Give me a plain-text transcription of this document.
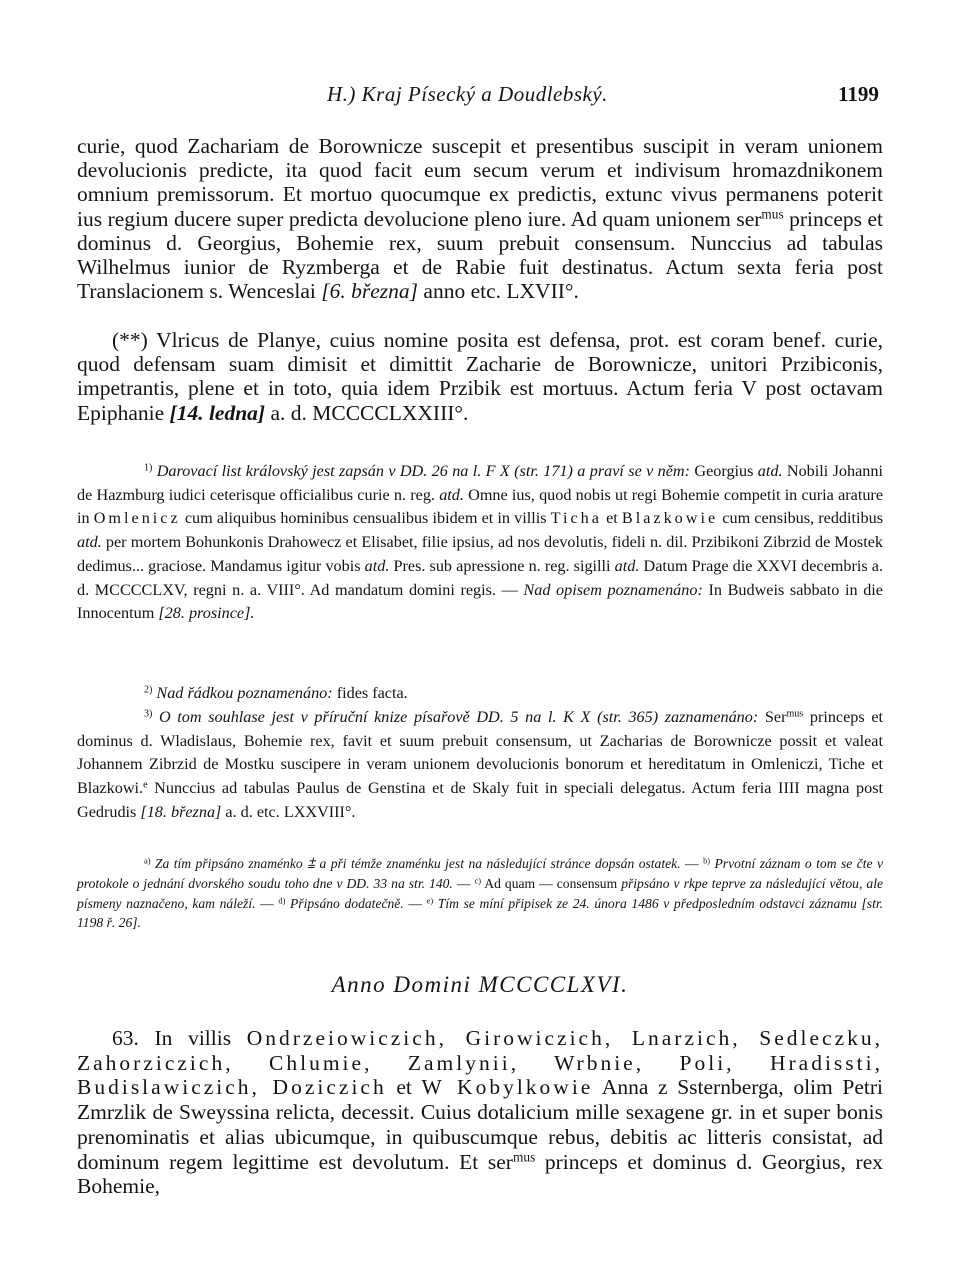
H.) Kraj Písecký a Doudlebský.	1199

curie, quod Zachariam de Borownicze suscepit et presentibus suscipit in veram unionem devolucionis predicte, ita quod facit eum secum verum et indivisum hromazdnikonem omnium premissorum. Et mortuo quocumque ex predictis, extunc vivus permanens poterit ius regium ducere super predicta devolucione pleno iure. Ad quam unionem ser$^{mus}$ princeps et dominus d. Georgius, Bohemie rex, suum prebuit consensum. Nunccius ad tabulas Wilhelmus iunior de Ryzmberga et de Rabie fuit destinatus. Actum sexta feria post Translacionem s. Wenceslai [6. března] anno etc. LXVII°.

(**) Vlricus de Planye, cuius nomine posita est defensa, prot. est coram benef. curie, quod defensam suam dimisit et dimittit Zacharie de Borownicze, unitori Przibiconis, impetrantis, plene et in toto, quia idem Przibik est mortuus. Actum feria V post octavam Epiphanie [14. ledna] a. d. MCCCCLXXIII°.

$^{1)}$ Darovací list královský jest zapsán v DD. 26 na l. F X (str. 171) a praví se v něm: Georgius atd. Nobili Johanni de Hazmburg iudici ceterisque officialibus curie n. reg. atd. Omne ius, quod nobis ut regi Bohemie competit in curia arature in Omlenicz cum aliquibus hominibus censualibus ibidem et in villis Ticha et Blazkowie cum censibus, redditibus atd. per mortem Bohunkonis Drahowecz et Elisabet, filie ipsius, ad nos devolutis, fideli n. dil. Przibikoni Zibrzid de Mostek dedimus... graciose. Mandamus igitur vobis atd. Pres. sub apressione n. reg. sigilli atd. Datum Prage die XXVI decembris a. d. MCCCCLXV, regni n. a. VIII°. Ad mandatum domini regis. — Nad opisem poznamenáno: In Budweis sabbato in die Innocentum [28. prosince].

$^{2)}$ Nad řádkou poznamenáno: fides facta.

$^{3)}$ O tom souhlase jest v příruční knize písařově DD. 5 na l. K X (str. 365) zaznamenáno: Ser$^{mus}$ princeps et dominus d. Wladislaus, Bohemie rex, favit et suum prebuit consensum, ut Zacharias de Borownicze possit et valeat Johannem Zibrzid de Mostku suscipere in veram unionem devolucionis bonorum et hereditatum in Omleniczi, Tiche et Blazkowi.$^e$ Nunccius ad tabulas Paulus de Genstina et de Skaly fuit in speciali delegatus. Actum feria IIII magna post Gedrudis [18. března] a. d. etc. LXXVIII°.

$^{a)}$ Za tím připsáno znaménko ⩲ a při témže znaménku jest na následující stránce dopsán ostatek. — $^{b)}$ Prvotní záznam o tom se čte v protokole o jednání dvorského soudu toho dne v DD. 33 na str. 140. — $^{c)}$ Ad quam — consensum připsáno v rkpe teprve za následující větou, ale písmeny naznačeno, kam náleží. — $^{d)}$ Připsáno dodatečně. — $^{e)}$ Tím se míní připisek ze 24. února 1486 v předposledním odstavci záznamu [str. 1198 ř. 26].

Anno Domini MCCCCLXVI.

63. In villis Ondrzeiowiczich, Girowiczich, Lnarzich, Sedleczku, Zahorziczich, Chlumie, Zamlynii, Wrbnie, Poli, Hradissti, Budislawiczich, Doziczich et W Kobylkowie Anna z Ssternberga, olim Petri Zmrzlik de Sweyssina relicta, decessit. Cuius dotalicium mille sexagene gr. in et super bonis prenominatis et alias ubicumque, in quibuscumque rebus, debitis ac litteris consistat, ad dominum regem legittime est devolutum. Et ser$^{mus}$ princeps et dominus d. Georgius, rex Bohemie,
